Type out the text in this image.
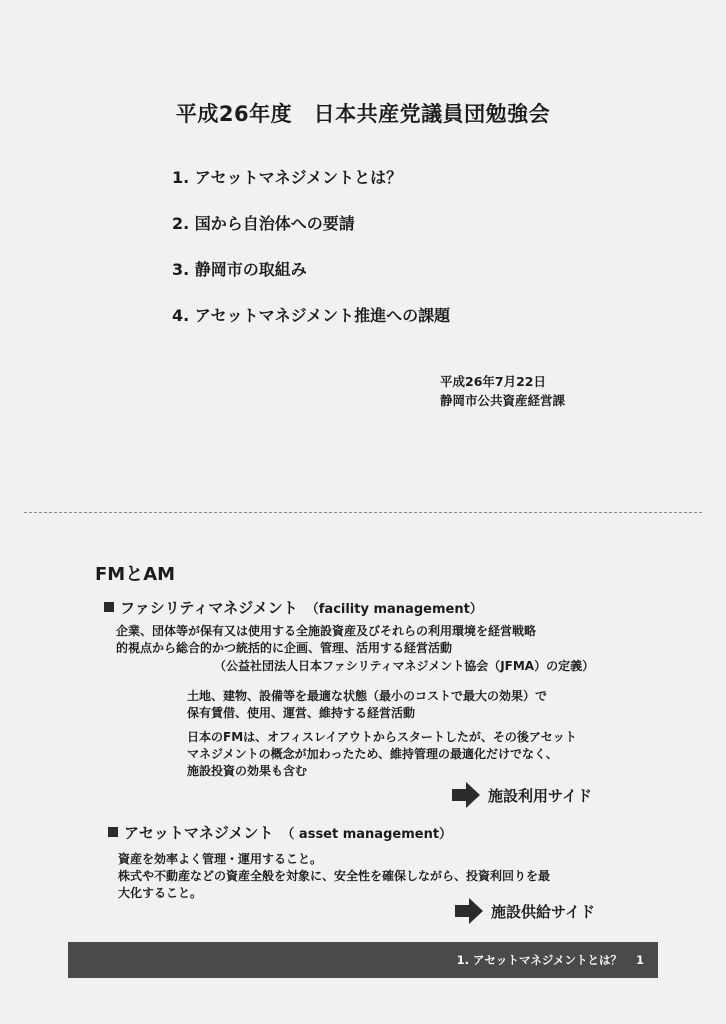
平成26年度　日本共産党議員団勉強会
1. アセットマネジメントとは？
2. 国から自治体への要請
3. 静岡市の取組み
4. アセットマネジメント推進への課題
平成26年7月22日
静岡市公共資産経営課
FMとAM
ファシリティマネジメント （facility management）
企業、団体等が保有又は使用する全施設資産及びそれらの利用環境を経営戦略
的視点から総合的かつ統括的に企画、管理、活用する経営活動
（公益社団法人日本ファシリティマネジメント協会（JFMA）の定義）
土地、建物、設備等を最適な状態（最小のコストで最大の効果）で
保有賃借、使用、運営、維持する経営活動
日本のFMは、オフィスレイアウトからスタートしたが、その後アセット
マネジメントの概念が加わったため、維持管理の最適化だけでなく、
施設投資の効果も含む
施設利用サイド
アセットマネジメント （ asset management）
資産を効率よく管理・運用すること。
株式や不動産などの資産全般を対象に、安全性を確保しながら、投資利回りを最
大化すること。
施設供給サイド
1. アセットマネジメントとは？ 1
